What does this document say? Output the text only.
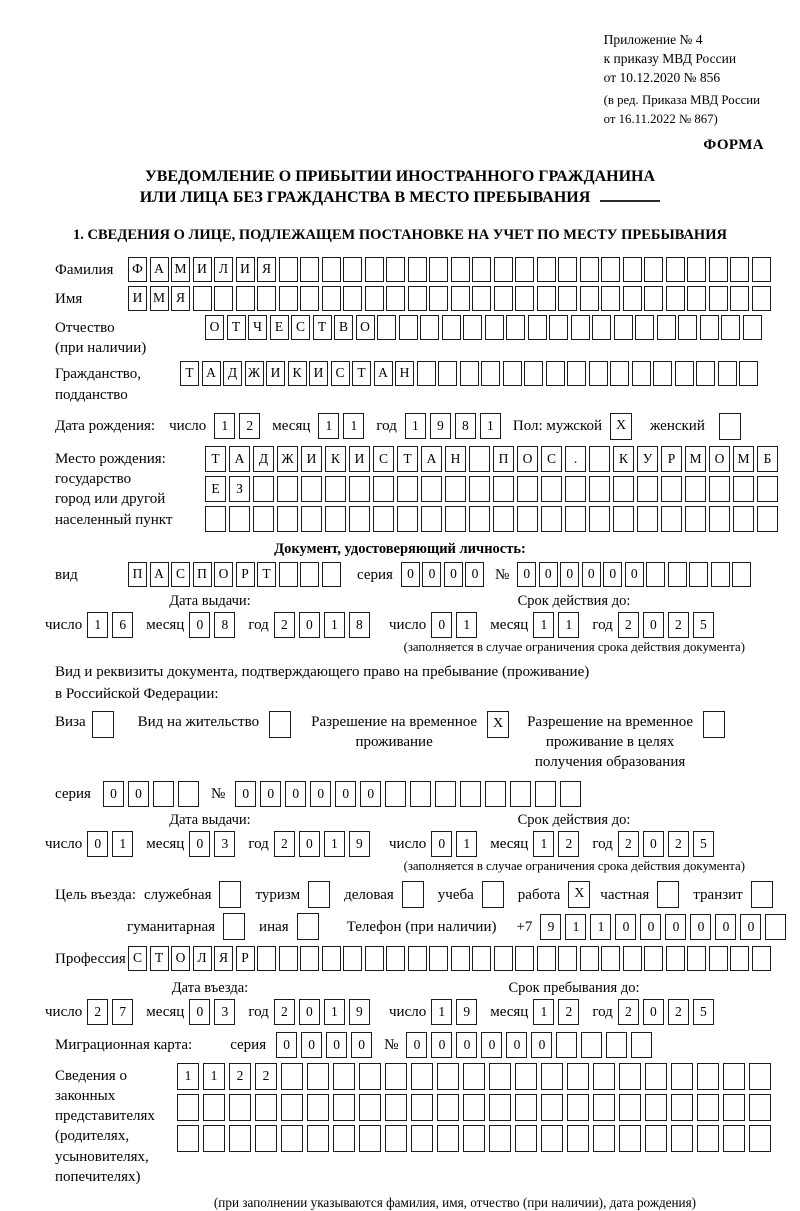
Приложение № 4
к приказу МВД России
от 10.12.2020 № 856
(в ред. Приказа МВД России
от 16.11.2022 № 867)
ФОРМА
УВЕДОМЛЕНИЕ О ПРИБЫТИИ ИНОСТРАННОГО ГРАЖДАНИНА
ИЛИ ЛИЦА БЕЗ ГРАЖДАНСТВА В МЕСТО ПРЕБЫВАНИЯ
1. СВЕДЕНИЯ О ЛИЦЕ, ПОДЛЕЖАЩЕМ ПОСТАНОВКЕ НА УЧЕТ ПО МЕСТУ ПРЕБЫВАНИЯ
Фамилия	Ф А М И Л И Я
Имя	И М Я
Отчество
(при наличии)
О Т Ч Е С Т В О
Гражданство,
подданство
Т А Д Ж И К И С Т А Н
Дата рождения: число	1	2	месяц	1	1	год	1	9	8	1	Пол: мужской X	женский
Место рождения:
государство
город или другой
населенный пункт
Т	А	Д Ж И	К	И	С	Т	А	Н	П	О	С	.	К	У	Р	М О М	Б
Е	З
Документ, удостоверяющий личность:
вид	П А С П О Р	Т	серия	0	0	0	0	№	0	0	0	0	0	0
Дата выдачи:
число 1	6	месяц 0	8	год 2	0	1	8
Срок действия до:
число 0	1	месяц 1	1	год 2	0	2	5
(заполняется в случае ограничения срока действия документа)
Вид и реквизиты документа, подтверждающего право на пребывание (проживание)
в Российской Федерации:
Виза	Вид на жительство	Разрешение на временное
проживание
X	Разрешение на временное
проживание в целях
получения образования
серия	0	0	№	0	0	0	0	0	0
Дата выдачи:
число 0	1	месяц 0	3	год 2	0	1	9
Срок действия до:
число 0	1	месяц 1	2	год 2	0	2	5
(заполняется в случае ограничения срока действия документа)
Цель въезда: служебная	туризм	деловая	учеба	работа X	частная	транзит
гуманитарная	иная	Телефон (при наличии) +7	9	1	1	0	0	0	0	0	0
Профессия С Т О Л Я Р
Дата въезда:
число 2	7	месяц 0	3	год 2	0	1	9
Срок пребывания до:
число 1	9	месяц 1	2	год 2	0	2	5
Миграционная карта:	серия	0	0	0	0	№	0	0	0	0	0	0
Сведения о
законных
представителях
(родителях,
усыновителях,
попечителях)
1	1	2	2
(при заполнении указываются фамилия, имя, отчество (при наличии), дата рождения)
